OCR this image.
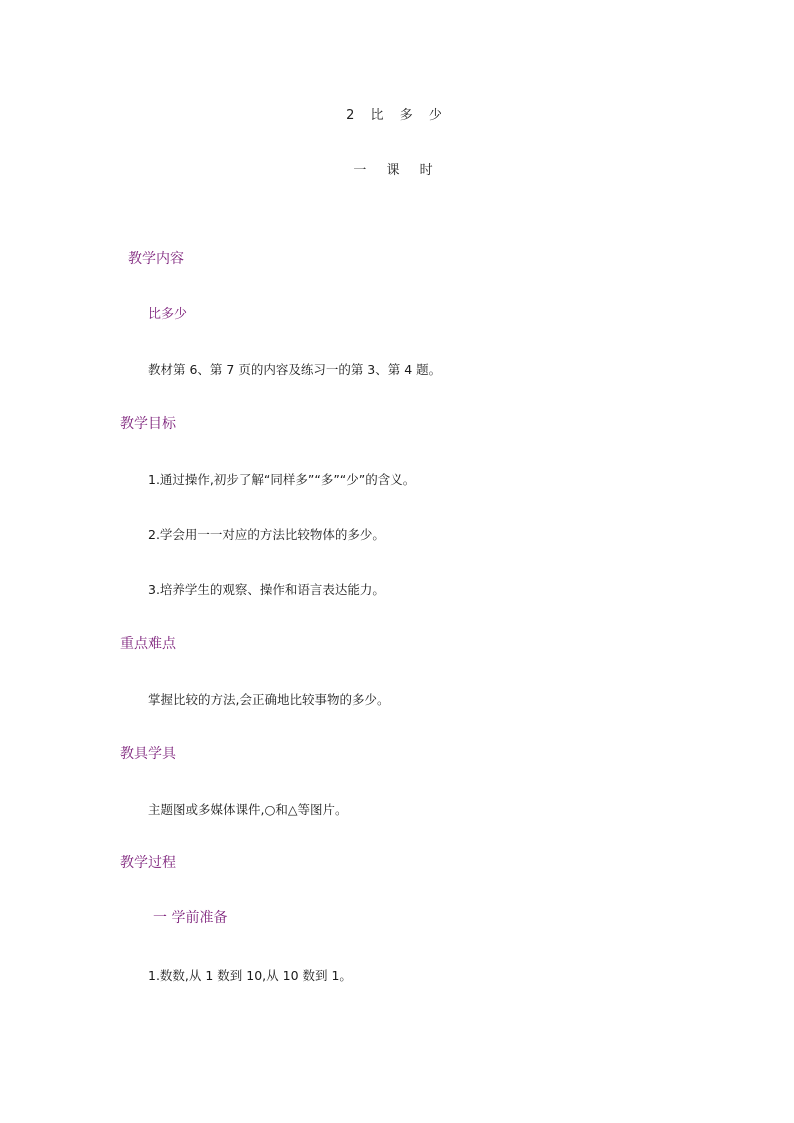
2 比 多 少
一 课 时
教学内容
比多少
教材第 6、第 7 页的内容及练习一的第 3、第 4 题。
教学目标
1.通过操作,初步了解“同样多”“多”“少”的含义。
2.学会用一一对应的方法比较物体的多少。
3.培养学生的观察、操作和语言表达能力。
重点难点
掌握比较的方法,会正确地比较事物的多少。
教具学具
主题图或多媒体课件,○和△等图片。
教学过程
一 学前准备
1.数数,从 1 数到 10,从 10 数到 1。
